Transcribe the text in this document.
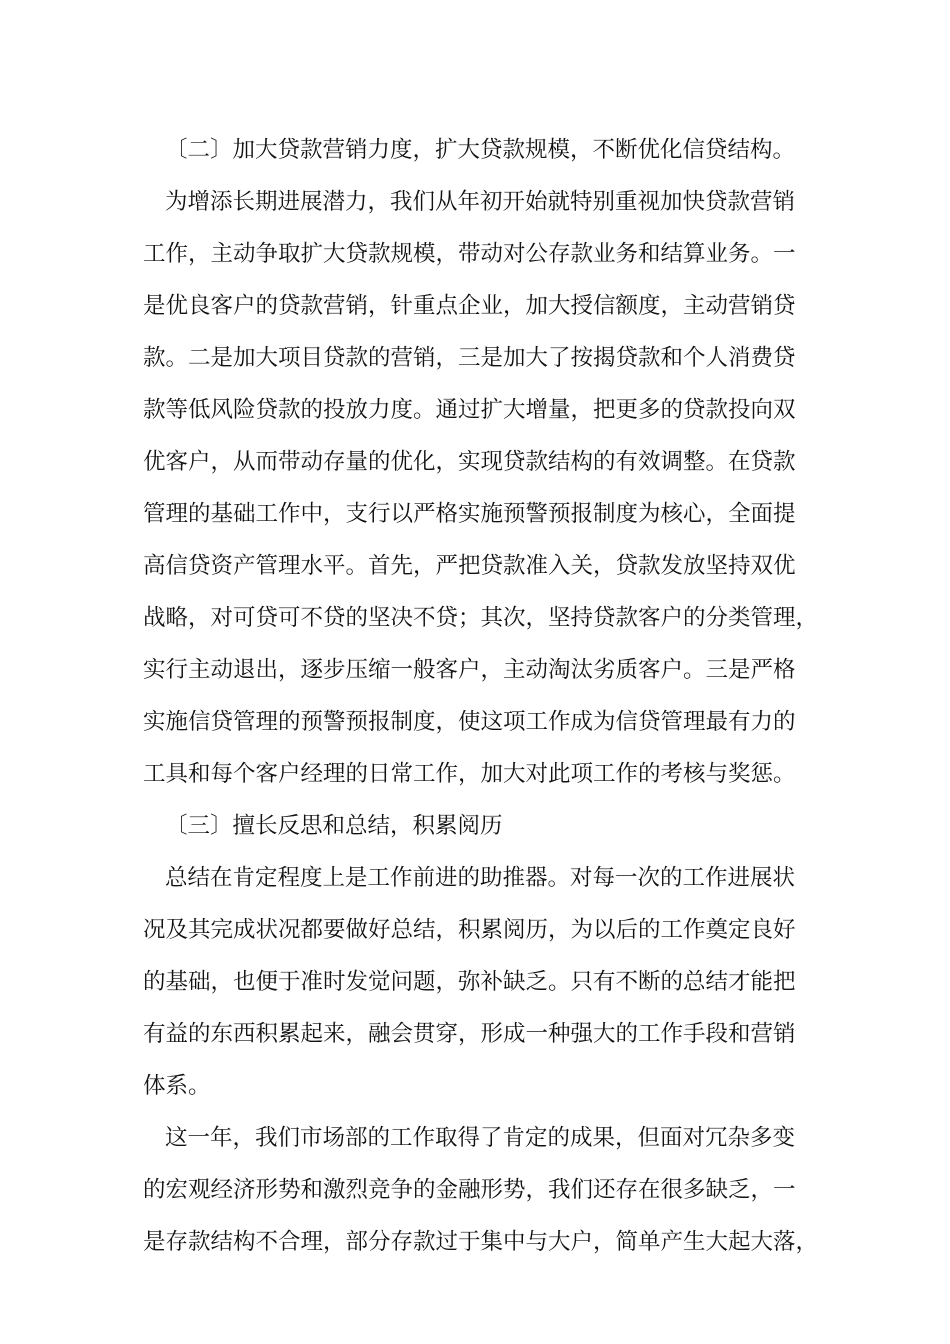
〔二〕加大贷款营销力度，扩大贷款规模，不断优化信贷结构。

为增添长期进展潜力，我们从年初开始就特别重视加快贷款营销

工作，主动争取扩大贷款规模，带动对公存款业务和结算业务。一

是优良客户的贷款营销，针重点企业，加大授信额度，主动营销贷

款。二是加大项目贷款的营销，三是加大了按揭贷款和个人消费贷

款等低风险贷款的投放力度。通过扩大增量，把更多的贷款投向双

优客户，从而带动存量的优化，实现贷款结构的有效调整。在贷款

管理的基础工作中，支行以严格实施预警预报制度为核心，全面提

高信贷资产管理水平。首先，严把贷款准入关，贷款发放坚持双优

战略，对可贷可不贷的坚决不贷；其次，坚持贷款客户的分类管理，

实行主动退出，逐步压缩一般客户，主动淘汰劣质客户。三是严格

实施信贷管理的预警预报制度，使这项工作成为信贷管理最有力的

工具和每个客户经理的日常工作，加大对此项工作的考核与奖惩。

〔三〕擅长反思和总结，积累阅历

总结在肯定程度上是工作前进的助推器。对每一次的工作进展状

况及其完成状况都要做好总结，积累阅历，为以后的工作奠定良好

的基础，也便于准时发觉问题，弥补缺乏。只有不断的总结才能把

有益的东西积累起来，融会贯穿，形成一种强大的工作手段和营销

体系。

这一年，我们市场部的工作取得了肯定的成果，但面对冗杂多变

的宏观经济形势和激烈竞争的金融形势，我们还存在很多缺乏，一

是存款结构不合理，部分存款过于集中与大户，简单产生大起大落，
